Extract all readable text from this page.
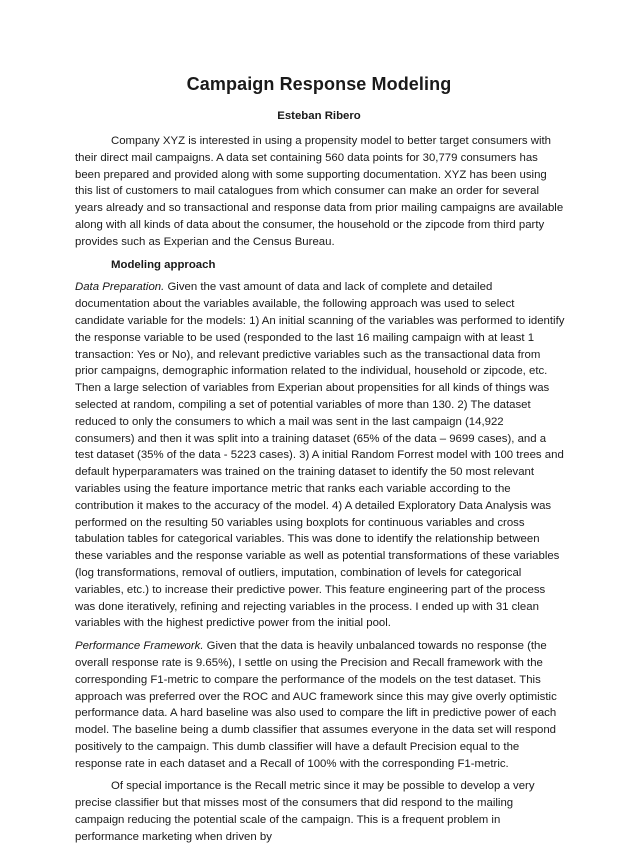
Campaign Response Modeling
Esteban Ribero

Company XYZ is interested in using a propensity model to better target consumers with their direct mail campaigns. A data set containing 560 data points for 30,779 consumers has been prepared and provided along with some supporting documentation. XYZ has been using this list of customers to mail catalogues from which consumer can make an order for several years already and so transactional and response data from prior mailing campaigns are available along with all kinds of data about the consumer, the household or the zipcode from third party provides such as Experian and the Census Bureau.

Modeling approach

Data Preparation. Given the vast amount of data and lack of complete and detailed documentation about the variables available, the following approach was used to select candidate variable for the models: 1) An initial scanning of the variables was performed to identify the response variable to be used (responded to the last 16 mailing campaign with at least 1 transaction: Yes or No), and relevant predictive variables such as the transactional data from prior campaigns, demographic information related to the individual, household or zipcode, etc. Then a large selection of variables from Experian about propensities for all kinds of things was selected at random, compiling a set of potential variables of more than 130. 2) The dataset reduced to only the consumers to which a mail was sent in the last campaign (14,922 consumers) and then it was split into a training dataset (65% of the data – 9699 cases), and a test dataset (35% of the data - 5223 cases). 3) A initial Random Forrest model with 100 trees and default hyperparamaters was trained on the training dataset to identify the 50 most relevant variables using the feature importance metric that ranks each variable according to the contribution it makes to the accuracy of the model. 4) A detailed Exploratory Data Analysis was performed on the resulting 50 variables using boxplots for continuous variables and cross tabulation tables for categorical variables. This was done to identify the relationship between these variables and the response variable as well as potential transformations of these variables (log transformations, removal of outliers, imputation, combination of levels for categorical variables, etc.) to increase their predictive power. This feature engineering part of the process was done iteratively, refining and rejecting variables in the process. I ended up with 31 clean variables with the highest predictive power from the initial pool.

Performance Framework. Given that the data is heavily unbalanced towards no response (the overall response rate is 9.65%), I settle on using the Precision and Recall framework with the corresponding F1-metric to compare the performance of the models on the test dataset. This approach was preferred over the ROC and AUC framework since this may give overly optimistic performance data. A hard baseline was also used to compare the lift in predictive power of each model. The baseline being a dumb classifier that assumes everyone in the data set will respond positively to the campaign. This dumb classifier will have a default Precision equal to the response rate in each dataset and a Recall of 100% with the corresponding F1-metric.

Of special importance is the Recall metric since it may be possible to develop a very precise classifier but that misses most of the consumers that did respond to the mailing campaign reducing the potential scale of the campaign. This is a frequent problem in performance marketing when driven by
